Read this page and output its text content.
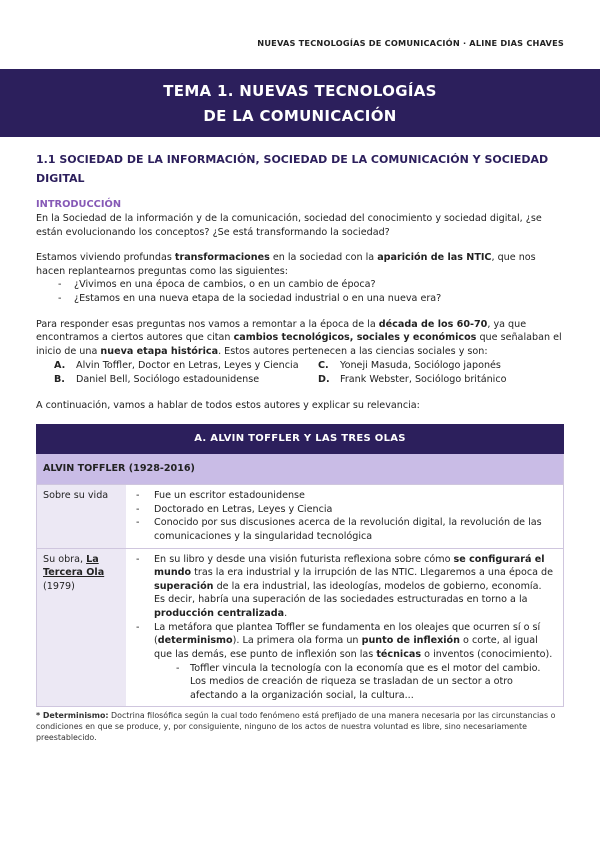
NUEVAS TECNOLOGÍAS DE COMUNICACIÓN · ALINE DIAS CHAVES
TEMA 1. NUEVAS TECNOLOGÍAS
DE LA COMUNICACIÓN
1.1 SOCIEDAD DE LA INFORMACIÓN, SOCIEDAD DE LA COMUNICACIÓN Y SOCIEDAD
DIGITAL
INTRODUCCIÓN

En la Sociedad de la información y de la comunicación, sociedad del conocimiento y sociedad digital, ¿se están evolucionando los conceptos? ¿Se está transformando la sociedad?

Estamos viviendo profundas transformaciones en la sociedad con la aparición de las NTIC, que nos hacen replantearnos preguntas como las siguientes:

- ¿Vivimos en una época de cambios, o en un cambio de época?
- ¿Estamos en una nueva etapa de la sociedad industrial o en una nueva era?

Para responder esas preguntas nos vamos a remontar a la época de la década de los 60-70, ya que encontramos a ciertos autores que citan cambios tecnológicos, sociales y económicos que señalaban el inicio de una nueva etapa histórica. Estos autores pertenecen a las ciencias sociales y son:

A.	Alvin Toffler, Doctor en Letras, Leyes y Ciencia
B.	Daniel Bell, Sociólogo estadounidense
C.	Yoneji Masuda, Sociólogo japonés
D.	Frank Webster, Sociólogo británico

A continuación, vamos a hablar de todos estos autores y explicar su relevancia:

A. ALVIN TOFFLER Y LAS TRES OLAS
ALVIN TOFFLER (1928-2016)
Sobre su vida
-	Fue un escritor estadounidense
- Doctorado en Letras, Leyes y Ciencia
- Conocido por sus discusiones acerca de la revolución digital, la revolución de las comunicaciones y la singularidad tecnológica
Su obra, La Tercera Ola
(1979)
- En su libro y desde una visión futurista reflexiona sobre cómo se configurará el mundo tras la era industrial y la irrupción de las NTIC. Llegaremos a una época de superación de la era industrial, las ideologías, modelos de gobierno, economía. Es decir, habría una superación de las sociedades estructuradas en torno a la producción centralizada.
- La metáfora que plantea Toffler se fundamenta en los oleajes que ocurren sí o sí (determinismo). La primera ola forma un punto de inflexión o corte, al igual que las demás, ese punto de inflexión son las técnicas o inventos (conocimiento).
- Toffler vincula la tecnología con la economía que es el motor del cambio. Los medios de creación de riqueza se trasladan de un sector a otro afectando a la organización social, la cultura...
* Determinismo: Doctrina filosófica según la cual todo fenómeno está prefijado de una manera necesaria por las circunstancias o condiciones en que se produce, y, por consiguiente, ninguno de los actos de nuestra voluntad es libre, sino necesariamente preestablecido.
